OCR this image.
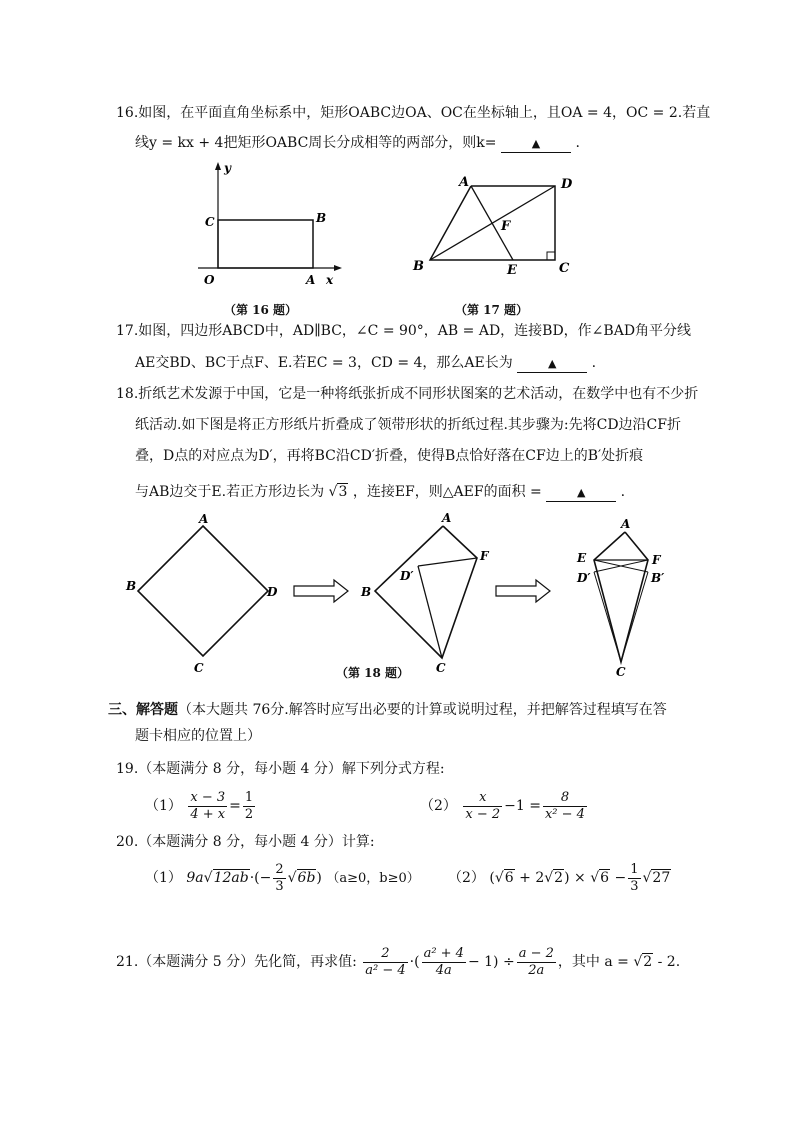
16.如图，在平面直角坐标系中，矩形OABC边OA、OC在坐标轴上，且OA = 4，OC = 2.若直
线y = kx + 4把矩形OABC周长分成相等的两部分，则k=	▲	.
y
C	B
O	A x
（第 16 题）
A	D
F
B	E	C
（第 17 题）
17.如图，四边形ABCD中，AD∥BC，∠C = 90°，AB = AD，连接BD，作∠BAD角平分线
AE交BD、BC于点F、E.若EC = 3，CD = 4，那么AE长为	▲	.
18.折纸艺术发源于中国，它是一种将纸张折成不同形状图案的艺术活动，在数学中也有不少折
纸活动.如下图是将正方形纸片折叠成了领带形状的折纸过程.其步骤为:先将CD边沿CF折
叠，D点的对应点为D′，再将BC沿CD′折叠，使得B点恰好落在CF边上的B′处折痕
与AB边交于E.若正方形边长为 √3 ，连接EF，则△AEF的面积 =	▲	.
A
B	D
C
A
F
D′
B
C
A
E	F
D′	B′
C
（第 18 题）
三、解答题（本大题共 76分.解答时应写出必要的计算或说明过程，并把解答过程填写在答
题卡相应的位置上）
19.（本题满分 8 分，每小题 4 分）解下列分式方程:
$(1) \frac{x - 3}{4 + x} = \frac{1}{2}$	$(2) \frac{x}{x - 2} -1 = \frac{8}{\text{x² − 4}}$
20.（本题满分 8 分，每小题 4 分）计算:
（1） $9a√12ab\cdot(- \frac{2}{3} √6b)$ （a≥0，b≥0） （2） $(√6 + 2√2) \times √6 - \frac{1}{3} √27$
21.（本题满分 5 分）先化简，再求值: $\frac{2}{\text{a² − 4}}$ ·( $\frac{\text{a² + 4}}{4a} - 1) \div \frac{a - 2}{2a}$ ，其中 a = √2 - 2.
